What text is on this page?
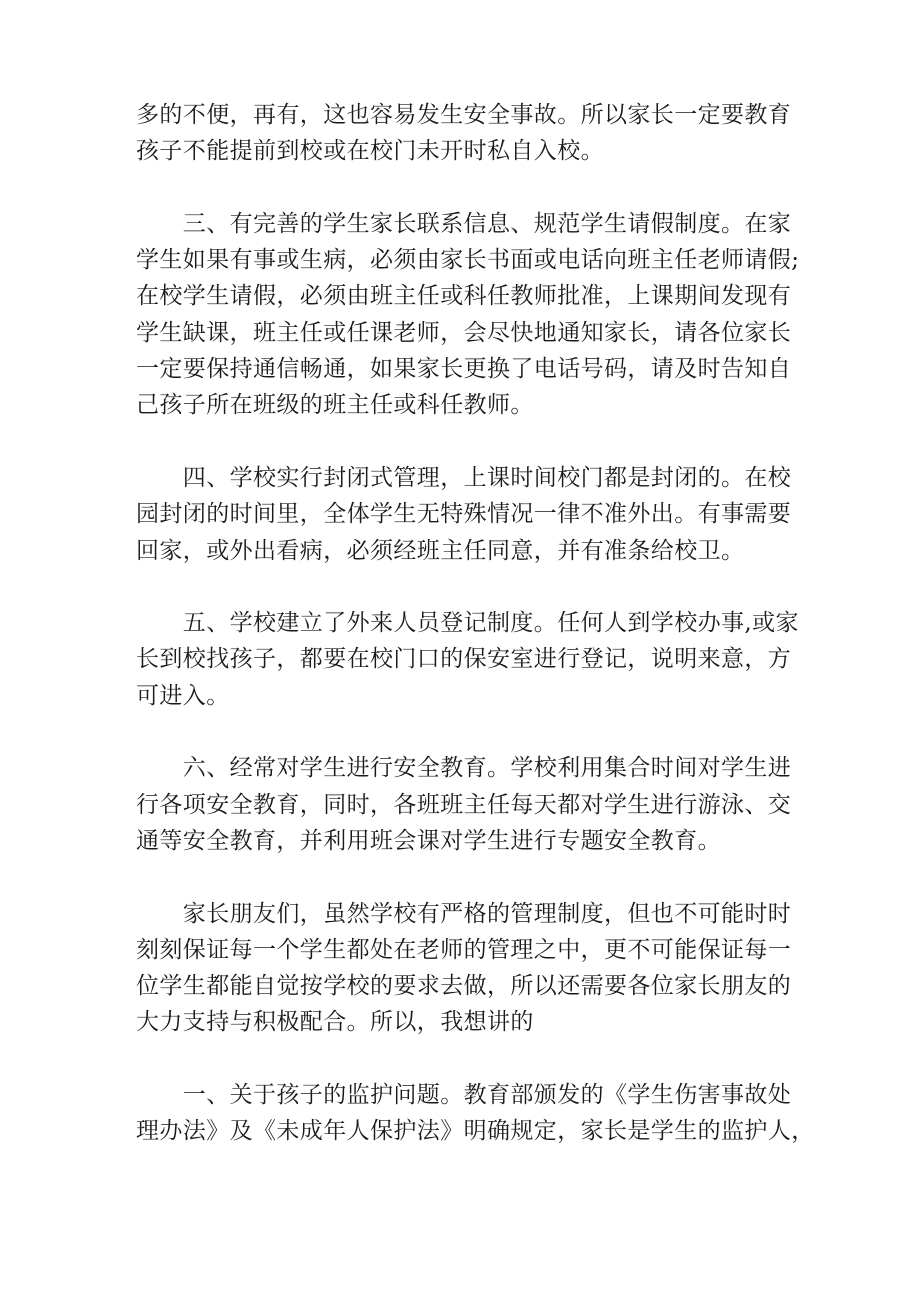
多的不便，再有，这也容易发生安全事故。所以家长一定要教育
孩子不能提前到校或在校门未开时私自入校。
　　三、有完善的学生家长联系信息、规范学生请假制度。在家
学生如果有事或生病，必须由家长书面或电话向班主任老师请假;
在校学生请假，必须由班主任或科任教师批准，上课期间发现有
学生缺课，班主任或任课老师，会尽快地通知家长，请各位家长
一定要保持通信畅通，如果家长更换了电话号码，请及时告知自
己孩子所在班级的班主任或科任教师。
　　四、学校实行封闭式管理，上课时间校门都是封闭的。在校
园封闭的时间里，全体学生无特殊情况一律不准外出。有事需要
回家，或外出看病，必须经班主任同意，并有准条给校卫。
　　五、学校建立了外来人员登记制度。任何人到学校办事,或家
长到校找孩子，都要在校门口的保安室进行登记，说明来意，方
可进入。
　　六、经常对学生进行安全教育。学校利用集合时间对学生进
行各项安全教育，同时，各班班主任每天都对学生进行游泳、交
通等安全教育，并利用班会课对学生进行专题安全教育。
　　家长朋友们，虽然学校有严格的管理制度，但也不可能时时
刻刻保证每一个学生都处在老师的管理之中，更不可能保证每一
位学生都能自觉按学校的要求去做，所以还需要各位家长朋友的
大力支持与积极配合。所以，我想讲的
　　一、关于孩子的监护问题。教育部颁发的《学生伤害事故处
理办法》及《未成年人保护法》明确规定，家长是学生的监护人，
